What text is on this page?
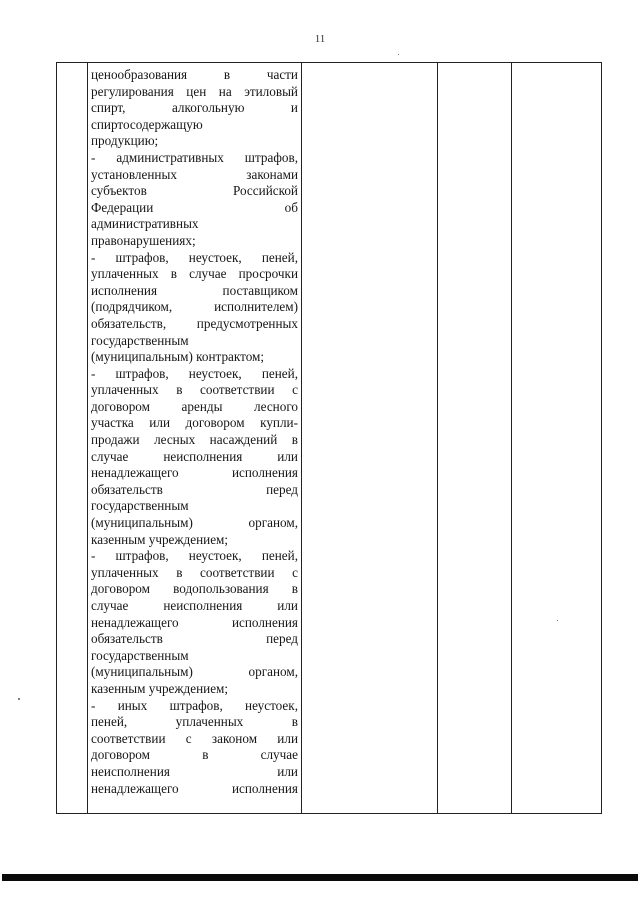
11
ценообразования в части
регулирования цен на этиловый
спирт, алкогольную и
спиртосодержащую
продукцию;
- административных штрафов,
установленных законами
субъектов Российской
Федерации об
административных
правонарушениях;
- штрафов, неустоек, пеней,
уплаченных в случае просрочки
исполнения поставщиком
(подрядчиком, исполнителем)
обязательств, предусмотренных
государственным
(муниципальным) контрактом;
- штрафов, неустоек, пеней,
уплаченных в соответствии с
договором аренды лесного
участка или договором купли-
продажи лесных насаждений в
случае неисполнения или
ненадлежащего исполнения
обязательств перед
государственным
(муниципальным) органом,
казенным учреждением;
- штрафов, неустоек, пеней,
уплаченных в соответствии с
договором водопользования в
случае неисполнения или
ненадлежащего исполнения
обязательств перед
государственным
(муниципальным) органом,
казенным учреждением;
- иных штрафов, неустоек,
пеней, уплаченных в
соответствии с законом или
договором в случае
неисполнения или
ненадлежащего исполнения
